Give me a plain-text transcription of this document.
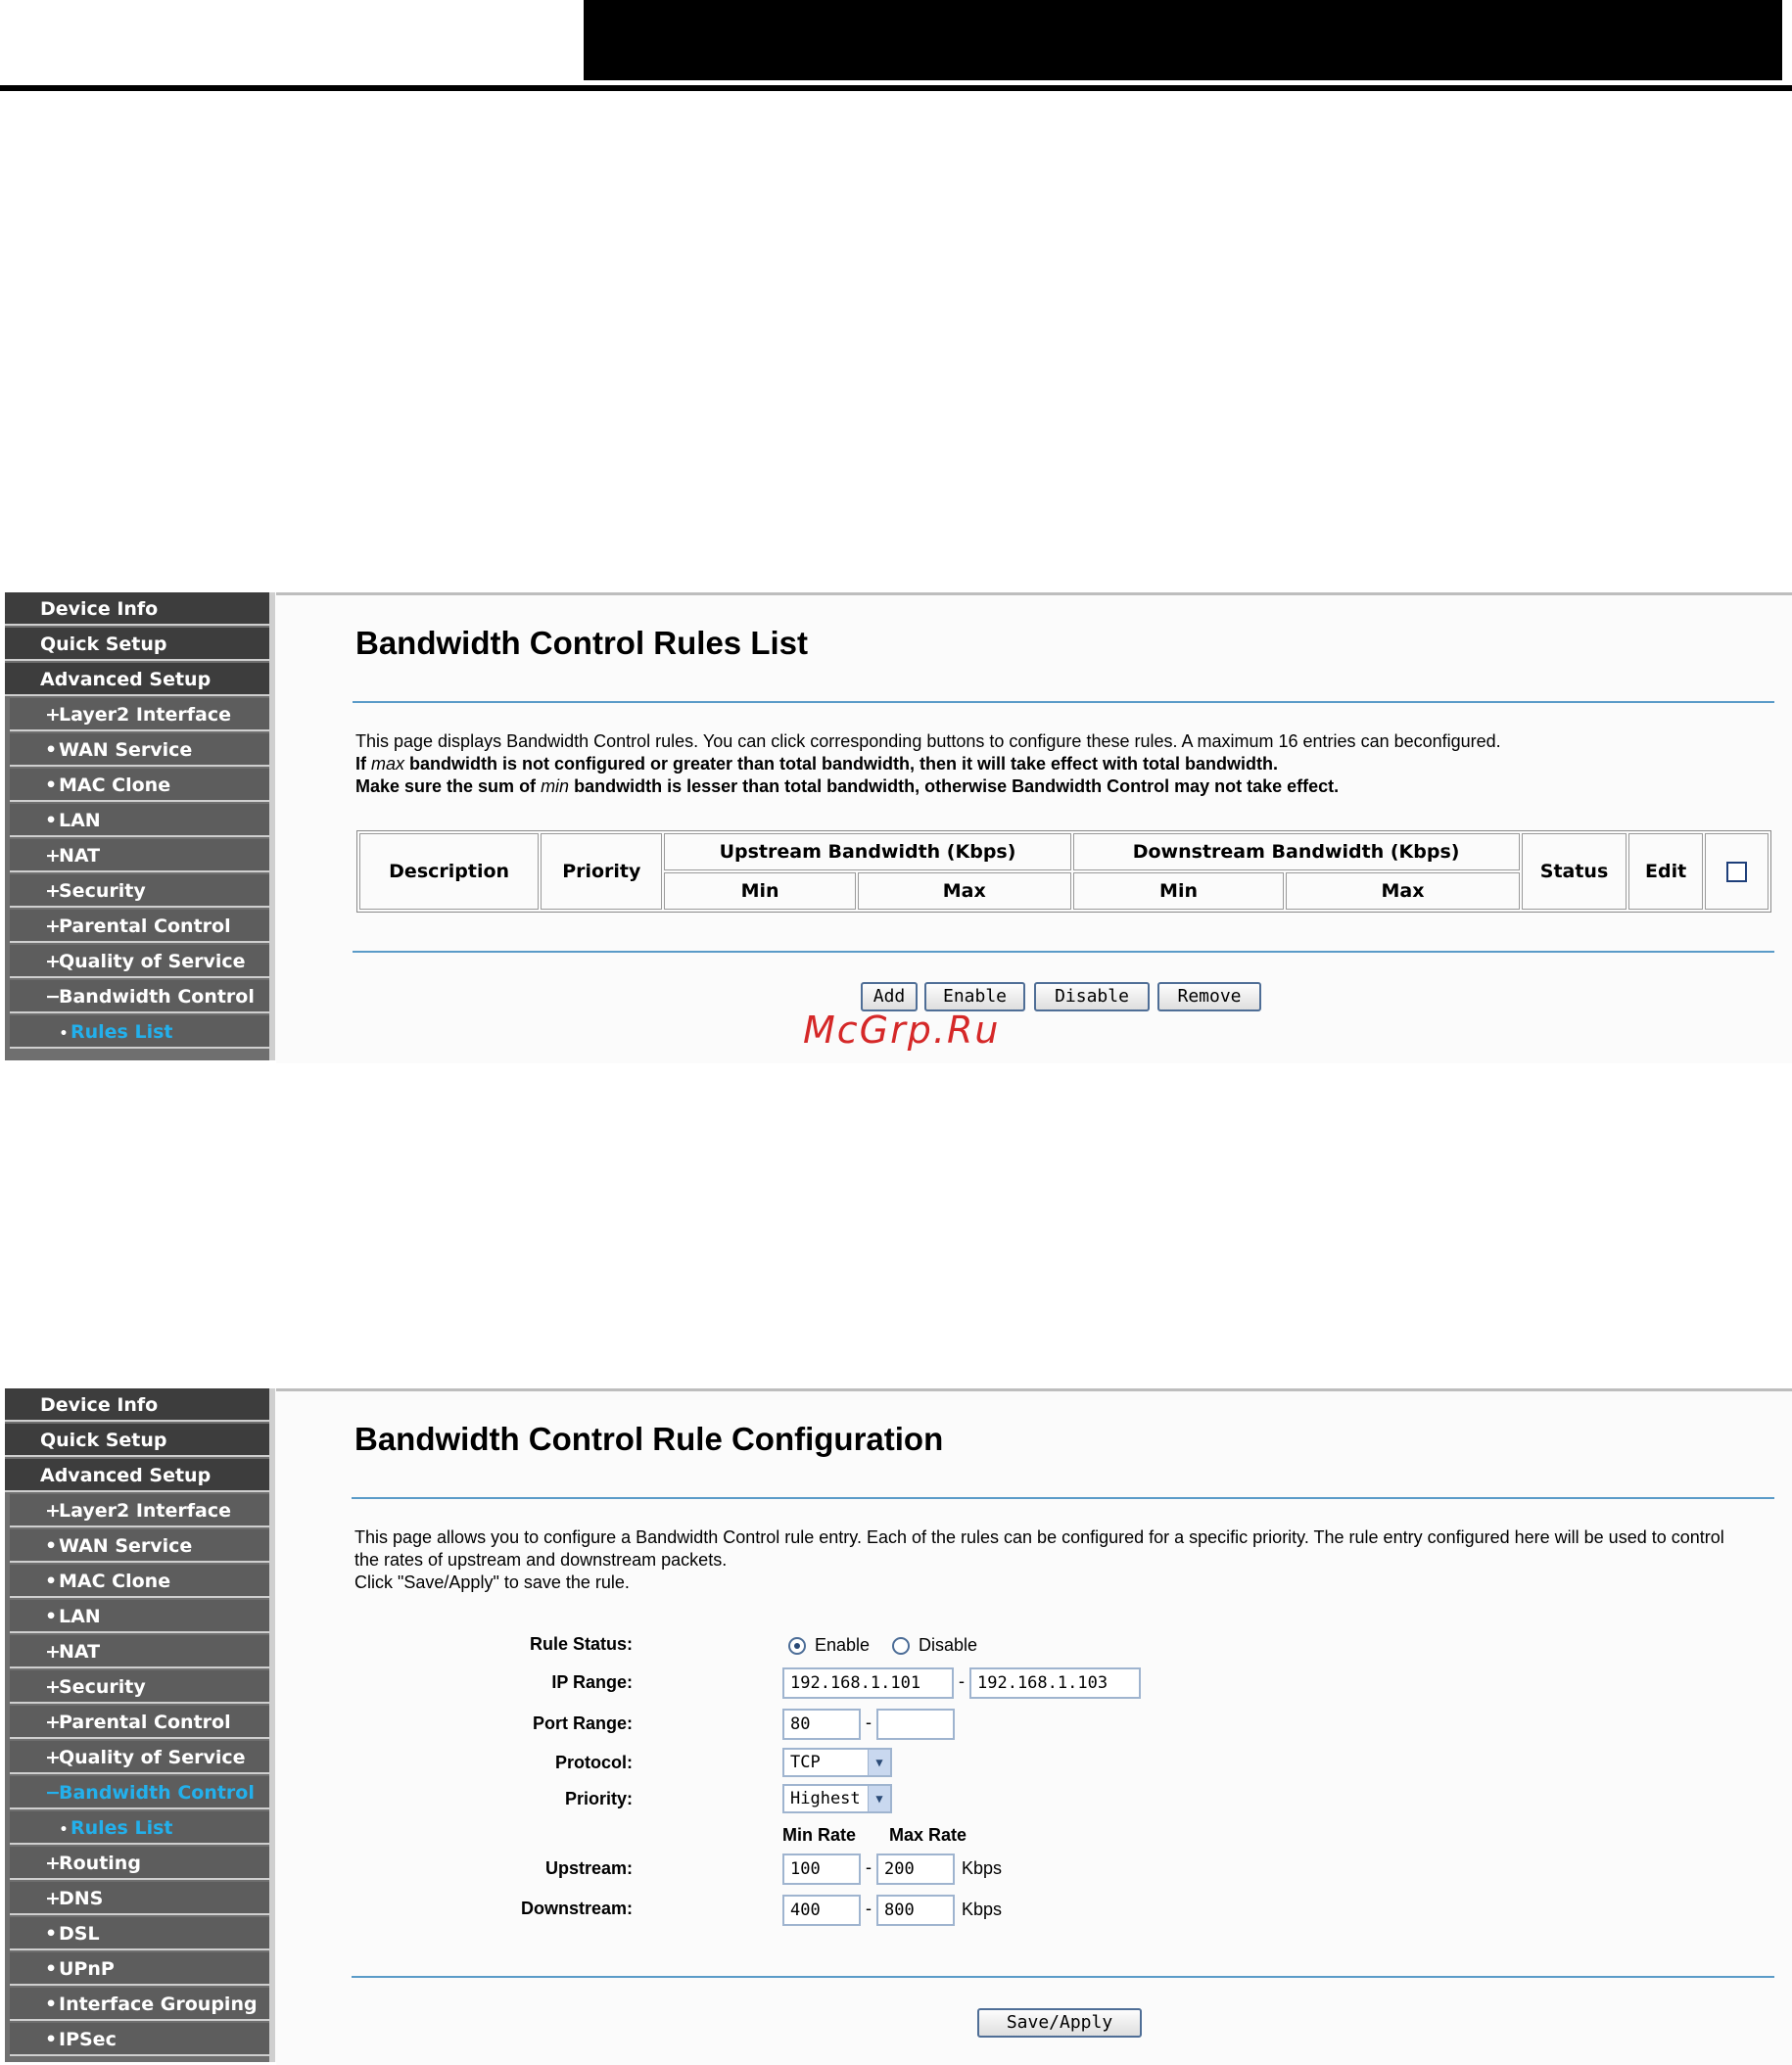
Device Info
Quick Setup
Advanced Setup
+Layer2 Interface
•WAN Service
•MAC Clone
•LAN
+NAT
+Security
+Parental Control
+Quality of Service
−Bandwidth Control
• Rules List
Bandwidth Control Rules List
This page displays Bandwidth Control rules. You can click corresponding buttons to configure these rules. A maximum 16 entries can beconfigured.
If max bandwidth is not configured or greater than total bandwidth, then it will take effect with total bandwidth.
Make sure the sum of min bandwidth is lesser than total bandwidth, otherwise Bandwidth Control may not take effect.
Description	Priority	Upstream Bandwidth (Kbps)		Downstream Bandwidth (Kbps)		Status	Edit	
		Min	Max	Min	Max			
Add	Enable	Disable	Remove
McGrp.Ru
Device Info
Quick Setup
Advanced Setup
+Layer2 Interface
•WAN Service
•MAC Clone
•LAN
+NAT
+Security
+Parental Control
+Quality of Service
−Bandwidth Control
• Rules List
+Routing
+DNS
•DSL
•UPnP
•Interface Grouping
•IPSec
Bandwidth Control Rule Configuration
This page allows you to configure a Bandwidth Control rule entry. Each of the rules can be configured for a specific priority. The rule entry configured here will be used to control
the rates of upstream and downstream packets.
Click "Save/Apply" to save the rule.
Rule Status:	Enable	Disable
IP Range:	192.168.1.101	- 192.168.1.103
Port Range:	80	-
Protocol:	TCP	▼
Priority:	Highest	▼
Min Rate Max Rate
Upstream:	100	- 200	Kbps
Downstream:	400	- 800	Kbps
Save/Apply
